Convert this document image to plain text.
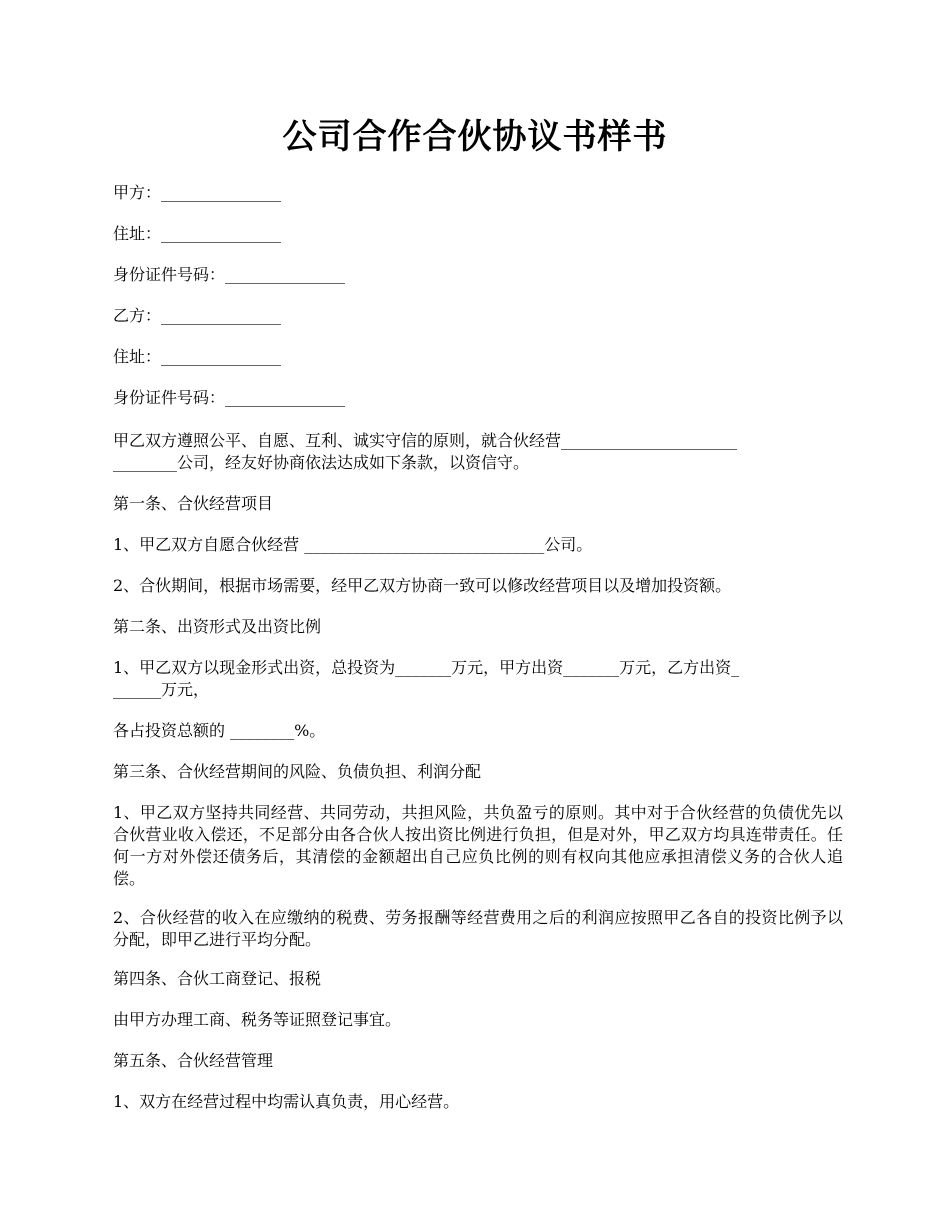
公司合作合伙协议书样书
甲方：_______________
住址：_______________
身份证件号码：_______________
乙方：_______________
住址：_______________
身份证件号码：_______________
甲乙双方遵照公平、自愿、互利、诚实守信的原则，就合伙经营______________________
________公司，经友好协商依法达成如下条款，以资信守。
第一条、合伙经营项目
1、甲乙双方自愿合伙经营 ______________________________公司。
2、合伙期间，根据市场需要，经甲乙双方协商一致可以修改经营项目以及增加投资额。
第二条、出资形式及出资比例
1、甲乙双方以现金形式出资，总投资为_______万元，甲方出资_______万元，乙方出资_
______万元，
各占投资总额的 ________%。
第三条、合伙经营期间的风险、负债负担、利润分配
1、甲乙双方坚持共同经营、共同劳动，共担风险，共负盈亏的原则。其中对于合伙经营的负债优先以合伙营业收入偿还，不足部分由各合伙人按出资比例进行负担，但是对外，甲乙双方均具连带责任。任何一方对外偿还债务后，其清偿的金额超出自己应负比例的则有权向其他应承担清偿义务的合伙人追偿。
2、合伙经营的收入在应缴纳的税费、劳务报酬等经营费用之后的利润应按照甲乙各自的投资比例予以分配，即甲乙进行平均分配。
第四条、合伙工商登记、报税
由甲方办理工商、税务等证照登记事宜。
第五条、合伙经营管理
1、双方在经营过程中均需认真负责，用心经营。
